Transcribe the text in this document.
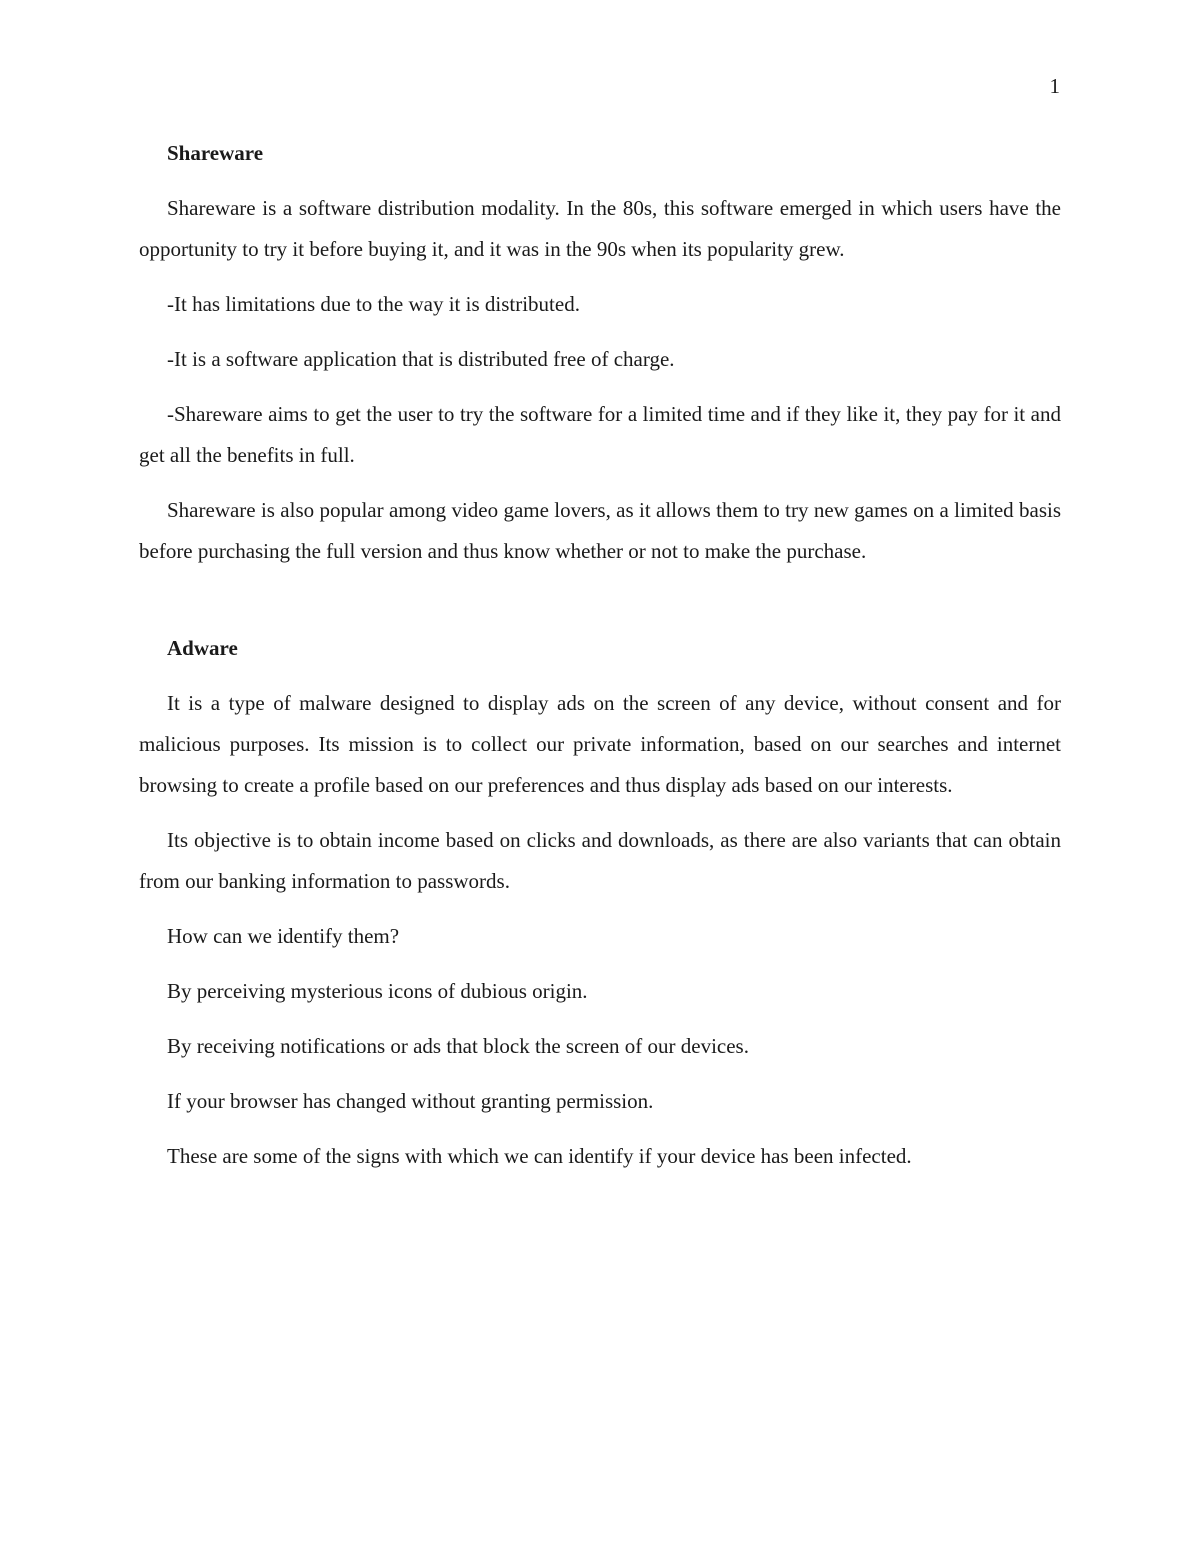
1

Shareware

Shareware is a software distribution modality. In the 80s, this software emerged in which users have the opportunity to try it before buying it, and it was in the 90s when its popularity grew.

-It has limitations due to the way it is distributed.

-It is a software application that is distributed free of charge.

-Shareware aims to get the user to try the software for a limited time and if they like it, they pay for it and get all the benefits in full.

Shareware is also popular among video game lovers, as it allows them to try new games on a limited basis before purchasing the full version and thus know whether or not to make the purchase.

Adware

It is a type of malware designed to display ads on the screen of any device, without consent and for malicious purposes. Its mission is to collect our private information, based on our searches and internet browsing to create a profile based on our preferences and thus display ads based on our interests.

Its objective is to obtain income based on clicks and downloads, as there are also variants that can obtain from our banking information to passwords.

How can we identify them?

By perceiving mysterious icons of dubious origin.

By receiving notifications or ads that block the screen of our devices.

If your browser has changed without granting permission.

These are some of the signs with which we can identify if your device has been infected.
